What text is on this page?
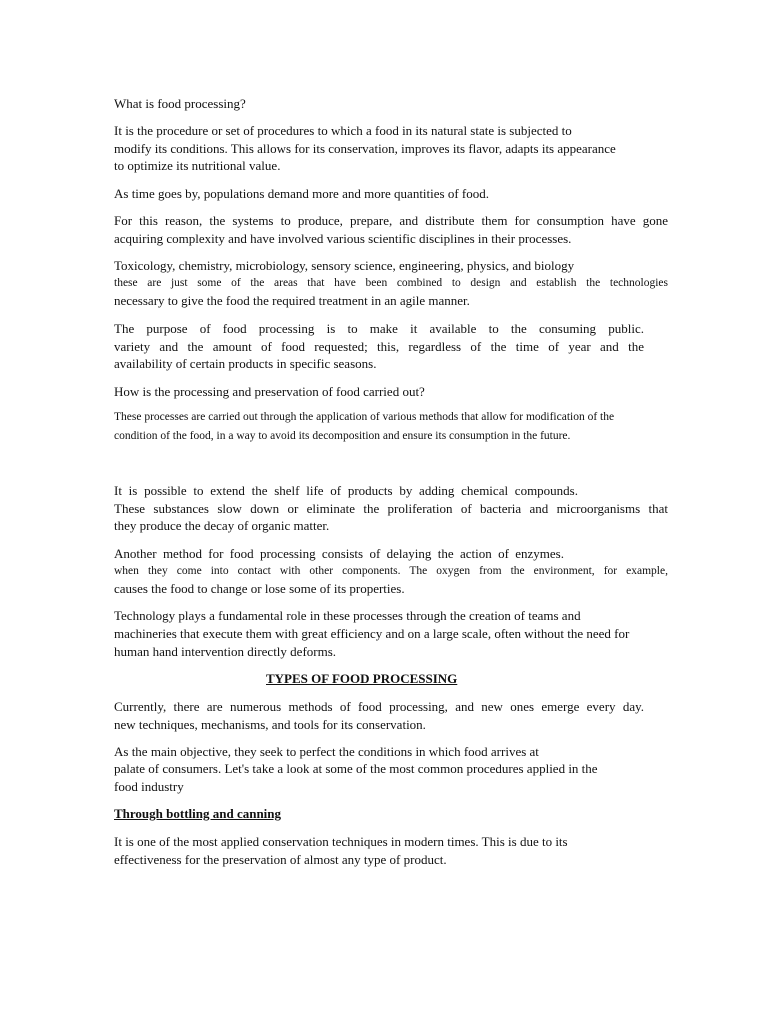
What is food processing?
It is the procedure or set of procedures to which a food in its natural state is subjected to
modify its conditions. This allows for its conservation, improves its flavor, adapts its appearance
to optimize its nutritional value.
As time goes by, populations demand more and more quantities of food.
For this reason, the systems to produce, prepare, and distribute them for consumption have gone
acquiring complexity and have involved various scientific disciplines in their processes.
Toxicology, chemistry, microbiology, sensory science, engineering, physics, and biology
these are just some of the areas that have been combined to design and establish the technologies
necessary to give the food the required treatment in an agile manner.
The purpose of food processing is to make it available to the consuming public.
variety and the amount of food requested; this, regardless of the time of year and the
availability of certain products in specific seasons.
How is the processing and preservation of food carried out?
These processes are carried out through the application of various methods that allow for modification of the
condition of the food, in a way to avoid its decomposition and ensure its consumption in the future.
It is possible to extend the shelf life of products by adding chemical compounds.
These substances slow down or eliminate the proliferation of bacteria and microorganisms that
they produce the decay of organic matter.
Another method for food processing consists of delaying the action of enzymes.
when they come into contact with other components. The oxygen from the environment, for example,
causes the food to change or lose some of its properties.
Technology plays a fundamental role in these processes through the creation of teams and
machineries that execute them with great efficiency and on a large scale, often without the need for
human hand intervention directly deforms.
TYPES OF FOOD PROCESSING
Currently, there are numerous methods of food processing, and new ones emerge every day.
new techniques, mechanisms, and tools for its conservation.
As the main objective, they seek to perfect the conditions in which food arrives at
palate of consumers. Let's take a look at some of the most common procedures applied in the
food industry
Through bottling and canning
It is one of the most applied conservation techniques in modern times. This is due to its
effectiveness for the preservation of almost any type of product.
